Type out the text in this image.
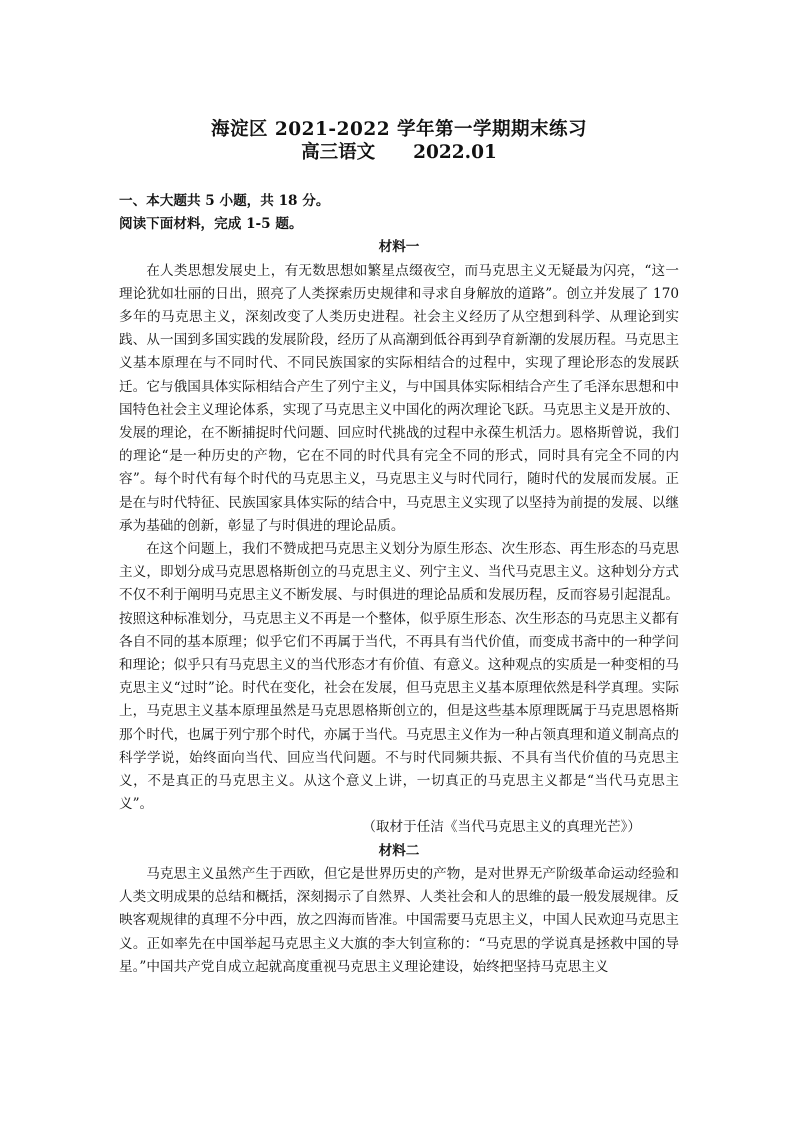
海淀区 2021-2022 学年第一学期期末练习
高三语文 2022.01

一、本大题共 5 小题，共 18 分。

阅读下面材料，完成 1-5 题。

材料一

在人类思想发展史上，有无数思想如繁星点缀夜空，而马克思主义无疑最为闪亮，“这一理论犹如壮丽的日出，照亮了人类探索历史规律和寻求自身解放的道路”。创立并发展了 170 多年的马克思主义，深刻改变了人类历史进程。社会主义经历了从空想到科学、从理论到实践、从一国到多国实践的发展阶段，经历了从高潮到低谷再到孕育新潮的发展历程。马克思主义基本原理在与不同时代、不同民族国家的实际相结合的过程中，实现了理论形态的发展跃迁。它与俄国具体实际相结合产生了列宁主义，与中国具体实际相结合产生了毛泽东思想和中国特色社会主义理论体系，实现了马克思主义中国化的两次理论飞跃。马克思主义是开放的、发展的理论，在不断捕捉时代问题、回应时代挑战的过程中永葆生机活力。恩格斯曾说，我们的理论“是一种历史的产物，它在不同的时代具有完全不同的形式，同时具有完全不同的内容”。每个时代有每个时代的马克思主义，马克思主义与时代同行，随时代的发展而发展。正是在与时代特征、民族国家具体实际的结合中，马克思主义实现了以坚持为前提的发展、以继承为基础的创新，彰显了与时俱进的理论品质。

在这个问题上，我们不赞成把马克思主义划分为原生形态、次生形态、再生形态的马克思主义，即划分成马克思恩格斯创立的马克思主义、列宁主义、当代马克思主义。这种划分方式不仅不利于阐明马克思主义不断发展、与时俱进的理论品质和发展历程，反而容易引起混乱。按照这种标准划分，马克思主义不再是一个整体，似乎原生形态、次生形态的马克思主义都有各自不同的基本原理；似乎它们不再属于当代，不再具有当代价值，而变成书斋中的一种学问和理论；似乎只有马克思主义的当代形态才有价值、有意义。这种观点的实质是一种变相的马克思主义“过时”论。时代在变化，社会在发展，但马克思主义基本原理依然是科学真理。实际上，马克思主义基本原理虽然是马克思恩格斯创立的，但是这些基本原理既属于马克思恩格斯那个时代，也属于列宁那个时代，亦属于当代。马克思主义作为一种占领真理和道义制高点的科学学说，始终面向当代、回应当代问题。不与时代同频共振、不具有当代价值的马克思主义，不是真正的马克思主义。从这个意义上讲，一切真正的马克思主义都是“当代马克思主义”。

（取材于任洁《当代马克思主义的真理光芒》）

材料二

马克思主义虽然产生于西欧，但它是世界历史的产物，是对世界无产阶级革命运动经验和人类文明成果的总结和概括，深刻揭示了自然界、人类社会和人的思维的最一般发展规律。反映客观规律的真理不分中西，放之四海而皆准。中国需要马克思主义，中国人民欢迎马克思主义。正如率先在中国举起马克思主义大旗的李大钊宣称的：“马克思的学说真是拯救中国的导星。”中国共产党自成立起就高度重视马克思主义理论建设，始终把坚持马克思主义
